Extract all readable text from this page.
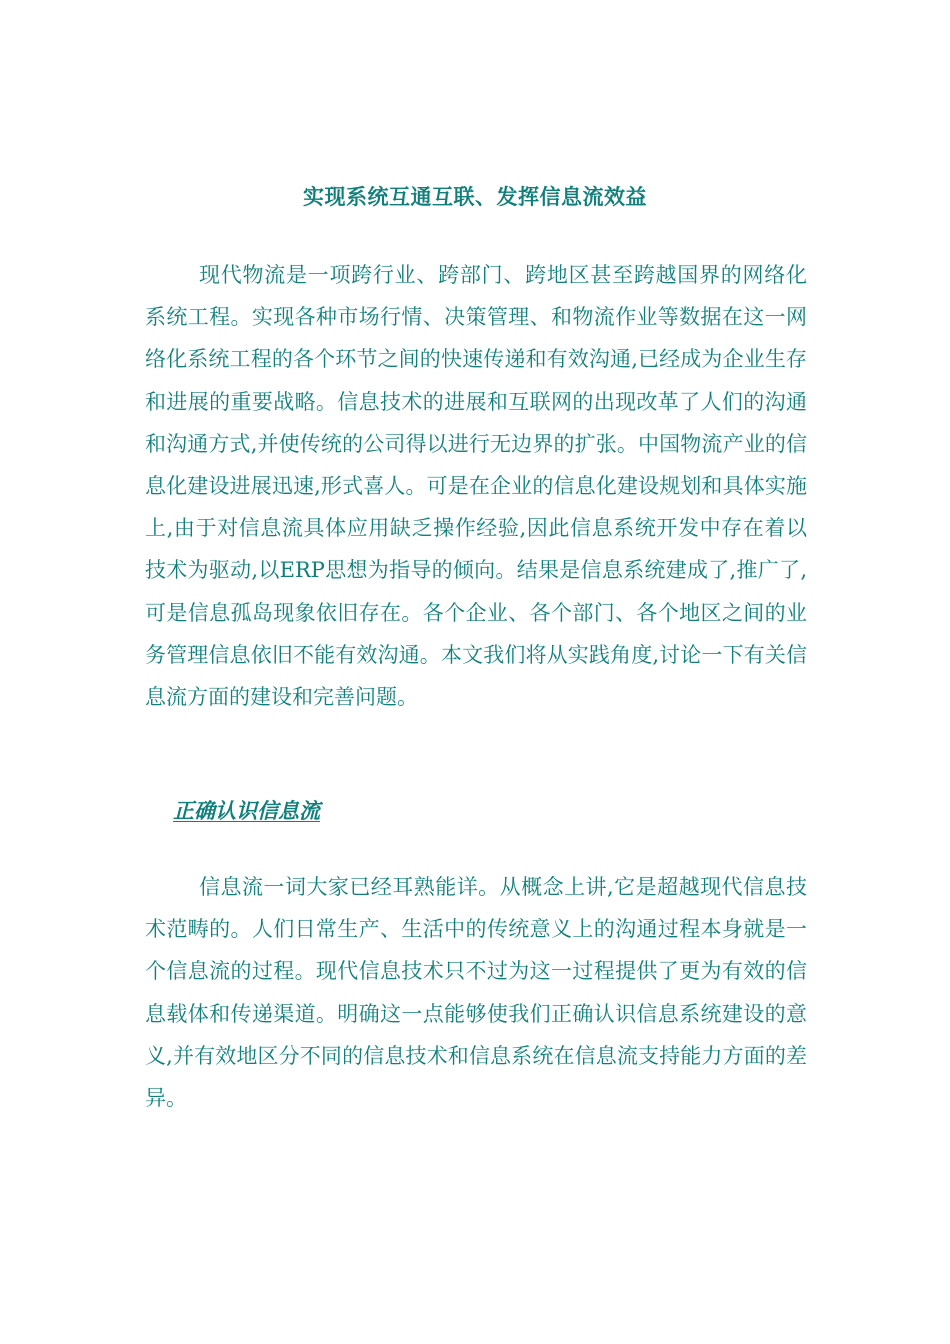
实现系统互通互联、发挥信息流效益

现代物流是一项跨行业、跨部门、跨地区甚至跨越国界的网络化系统工程。实现各种市场行情、决策管理、和物流作业等数据在这一网络化系统工程的各个环节之间的快速传递和有效沟通,已经成为企业生存和进展的重要战略。信息技术的进展和互联网的出现改革了人们的沟通和沟通方式,并使传统的公司得以进行无边界的扩张。中国物流产业的信息化建设进展迅速,形式喜人。可是在企业的信息化建设规划和具体实施上,由于对信息流具体应用缺乏操作经验,因此信息系统开发中存在着以技术为驱动,以ERP思想为指导的倾向。结果是信息系统建成了,推广了,可是信息孤岛现象依旧存在。各个企业、各个部门、各个地区之间的业务管理信息依旧不能有效沟通。本文我们将从实践角度,讨论一下有关信息流方面的建设和完善问题。

正确认识信息流

信息流一词大家已经耳熟能详。从概念上讲,它是超越现代信息技术范畴的。人们日常生产、生活中的传统意义上的沟通过程本身就是一个信息流的过程。现代信息技术只不过为这一过程提供了更为有效的信息载体和传递渠道。明确这一点能够使我们正确认识信息系统建设的意义,并有效地区分不同的信息技术和信息系统在信息流支持能力方面的差异。
